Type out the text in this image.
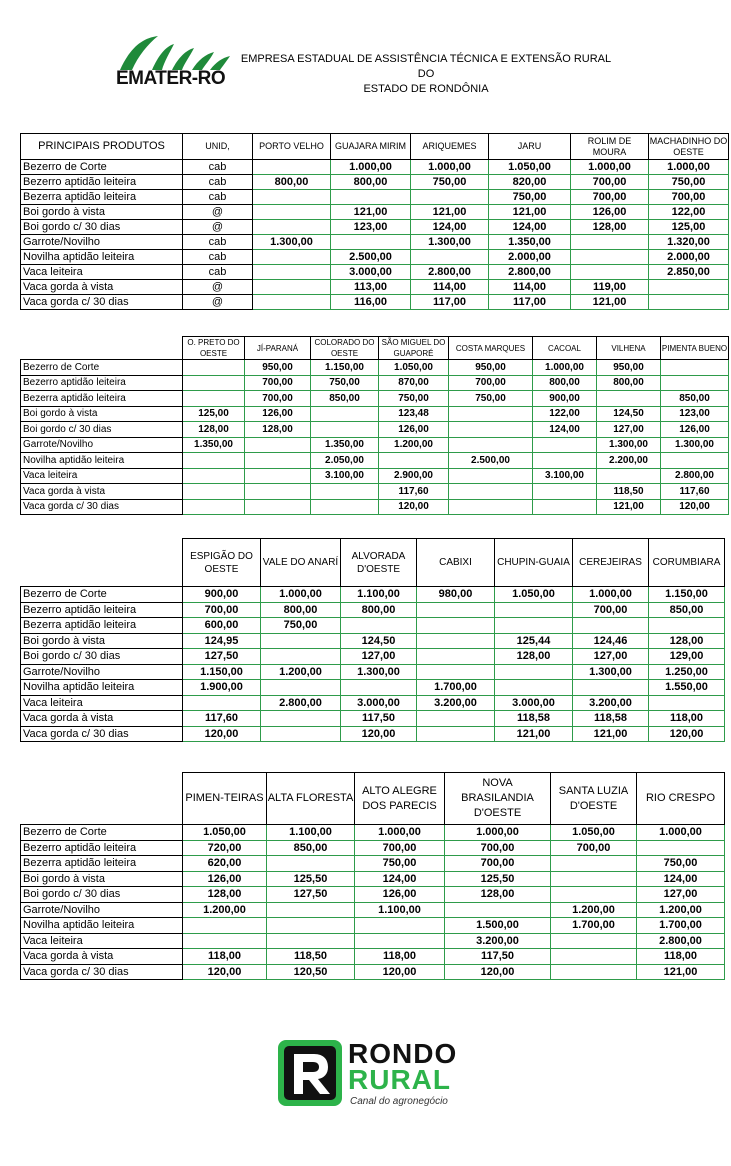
EMATER-RO
EMPRESA ESTADUAL DE ASSISTÊNCIA TÉCNICA E EXTENSÃO RURAL DO
ESTADO DE RONDÔNIA
PRINCIPAIS PRODUTOS	UNID,	PORTO VELHO	GUAJARA MIRIM	ARIQUEMES	JARU	ROLIM DE MOURA	MACHADINHO DO OESTE
Bezerro de Corte	cab		1.000,00	1.000,00	1.050,00	1.000,00	1.000,00
Bezerro aptidão leiteira	cab	800,00	800,00	750,00	820,00	700,00	750,00
Bezerra aptidão leiteira	cab				750,00	700,00	700,00
Boi gordo à vista	@		121,00	121,00	121,00	126,00	122,00
Boi gordo c/ 30 dias	@		123,00	124,00	124,00	128,00	125,00
Garrote/Novilho	cab	1.300,00		1.300,00	1.350,00		1.320,00
Novilha aptidão leiteira	cab		2.500,00		2.000,00		2.000,00
Vaca leiteira	cab		3.000,00	2.800,00	2.800,00		2.850,00
Vaca gorda à vista	@		113,00	114,00	114,00	119,00	
Vaca gorda c/ 30 dias	@		116,00	117,00	117,00	121,00	
	O. PRETO DO OESTE	JÍ-PARANÁ	COLORADO DO OESTE	SÃO MIGUEL DO GUAPORÉ	COSTA MARQUES	CACOAL	VILHENA	PIMENTA BUENO
Bezerro de Corte		950,00	1.150,00	1.050,00	950,00	1.000,00	950,00	
Bezerro aptidão leiteira		700,00	750,00	870,00	700,00	800,00	800,00	
Bezerra aptidão leiteira		700,00	850,00	750,00	750,00	900,00		850,00
Boi gordo à vista	125,00	126,00		123,48		122,00	124,50	123,00
Boi gordo c/ 30 dias	128,00	128,00		126,00		124,00	127,00	126,00
Garrote/Novilho	1.350,00		1.350,00	1.200,00			1.300,00	1.300,00
Novilha aptidão leiteira			2.050,00		2.500,00		2.200,00	
Vaca leiteira			3.100,00	2.900,00		3.100,00		2.800,00
Vaca gorda à vista				117,60			118,50	117,60
Vaca gorda c/ 30 dias				120,00			121,00	120,00
	ESPIGÃO DO OESTE	VALE DO ANARÍ	ALVORADA D'OESTE	CABIXI	CHUPIN-GUAIA	CEREJEIRAS	CORUMBIARA
Bezerro de Corte	900,00	1.000,00	1.100,00	980,00	1.050,00	1.000,00	1.150,00
Bezerro aptidão leiteira	700,00	800,00	800,00			700,00	850,00
Bezerra aptidão leiteira	600,00	750,00					
Boi gordo à vista	124,95		124,50		125,44	124,46	128,00
Boi gordo c/ 30 dias	127,50		127,00		128,00	127,00	129,00
Garrote/Novilho	1.150,00	1.200,00	1.300,00			1.300,00	1.250,00
Novilha aptidão leiteira	1.900,00			1.700,00			1.550,00
Vaca leiteira		2.800,00	3.000,00	3.200,00	3.000,00	3.200,00	
Vaca gorda à vista	117,60		117,50		118,58	118,58	118,00
Vaca gorda c/ 30 dias	120,00		120,00		121,00	121,00	120,00
	PIMEN-TEIRAS	ALTA FLORESTA	ALTO ALEGRE DOS PARECIS	NOVA BRASILANDIA D'OESTE	SANTA LUZIA D'OESTE	RIO CRESPO
Bezerro de Corte	1.050,00	1.100,00	1.000,00	1.000,00	1.050,00	1.000,00
Bezerro aptidão leiteira	720,00	850,00	700,00	700,00	700,00	
Bezerra aptidão leiteira	620,00		750,00	700,00		750,00
Boi gordo à vista	126,00	125,50	124,00	125,50		124,00
Boi gordo c/ 30 dias	128,00	127,50	126,00	128,00		127,00
Garrote/Novilho	1.200,00		1.100,00		1.200,00	1.200,00
Novilha aptidão leiteira				1.500,00	1.700,00	1.700,00
Vaca leiteira				3.200,00		2.800,00
Vaca gorda à vista	118,00	118,50	118,00	117,50		118,00
Vaca gorda c/ 30 dias	120,00	120,50	120,00	120,00		121,00
RONDO
RURAL
Canal do agronegócio
